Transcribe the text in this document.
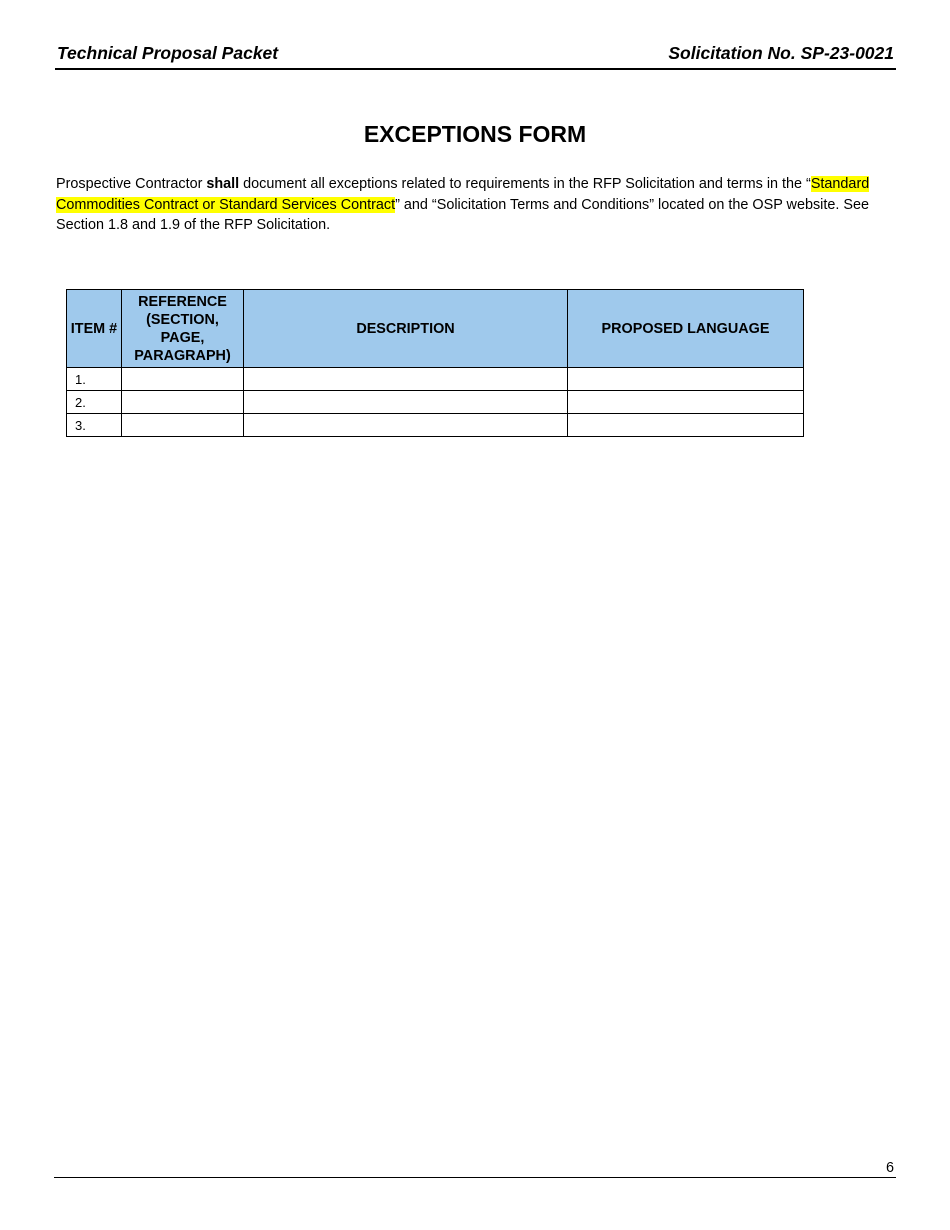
Technical Proposal Packet	Solicitation No. SP-23-0021
EXCEPTIONS FORM

Prospective Contractor shall document all exceptions related to requirements in the RFP Solicitation and terms in the “Standard Commodities Contract or Standard Services Contract” and “Solicitation Terms and Conditions” located on the OSP website. See Section 1.8 and 1.9 of the RFP Solicitation.

ITEM #	REFERENCE (SECTION, PAGE, PARAGRAPH)	DESCRIPTION	PROPOSED LANGUAGE
1.			
2.			
3.			
6
